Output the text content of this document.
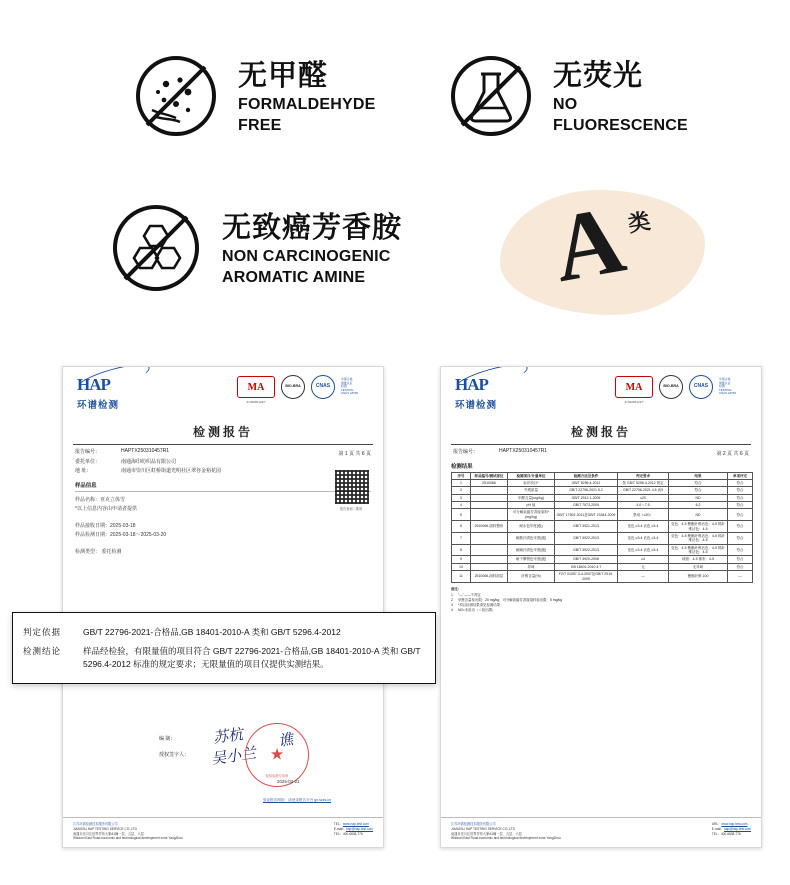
无甲醛
FORMALDEHYDE
FREE
无荧光
NO
FLUORESCENCE
无致癌芳香胺
NON CARCINOGENIC
AROMATIC AMINE	A
类
HAP
环谱检测
MA
215020512Z7
BIO-BRA	CNAS
中国合格
国推认证
检测
TESTING
CNAS L8768
检测报告
第 1 页 共 6 页
报告编号：	HAPTX250310457R1
委托单位：	南通海印纺织品有限公司
地 址：	南通市崇川区虹桥街道光明社区翠谷金裕花园
报告查询二维码
样品信息
样品名称：亚克立体雪
*以上信息内容由申请者提供
样品接收日期：2025-03-18
样品检测日期：2025-03-18～2025-03-20
检测类型： 委托检测
编 制：
授权签字人：
苏杭
吴小兰
谯
检验检测专用章
★
2025-03-21
验证报告网址：请登录报告平台 gx.szzs.cn
江苏环谱检测技术服务有限公司
JIANGSU HAP TESTING SERVICE CO.,LTD
南通市崇川区世界贸易大厦A1幢一层、五层、六层
Wisdom East Road,economic and technological development zone,YangZhou
TEL：www.hap-test.com
E-mail：hap@hap-test.com
TEL：400-6608-776
HAP
环谱检测
MA
215020512Z7
BIO-BRA	CNAS
中国合格
国推认证
检测
TESTING
CNAS L8768
检测报告
第 2 页 共 6 页
报告编号：	HAPTX250310457R1
检测结果
序号	样品编号/测试部位	检测项目/计量单位	检测方法及条件	判定要求	结果	单项评定
1	2510066	标识项目*	GB/T 5296.4-2012	按 GB/T 5296.4-2012 规定	符合	符合
2		外观质量	GB/T 22796-2021 5.2	GB/T 22796-2021 4.6 表3	符合	符合
3		甲醛含量(mg/kg)	GB/T 2912.1-2009	≤20	ND	符合
4		pH 值	GB/T 7573-2009	4.0～7.5	6.2	符合
5		可分解致癌芳香胺染料*(mg/kg)	GB/T 17592-2011及GB/T 23344-2009	禁用（≤20）	ND	符合
6	2510066-面料整体	耐水色牢度(级)	GB/T 3921-2013	变色 ≥3-4 沾色 ≥3-4	变色：4-5 聚酯纤维沾色：4-5 棉纤维沾色：4-5	符合
7		耐酸汗渍色牢度(级)	GB/T 3922-2013	变色 ≥3-4 沾色 ≥3-4	变色：4-5 聚酯纤维沾色：4-5 棉纤维沾色：4-5	符合
8		耐碱汗渍色牢度(级)	GB/T 3922-2013	变色 ≥3-4 沾色 ≥3-4	变色：4-5 聚酯纤维沾色：4-5 棉纤维沾色：4-5	符合
9		耐干摩擦色牢度(级)	GB/T 3920-2008	≥4	绒面：4-5 棉布：4-5	符合
10		异味	GB 18401-2010 4.7	无	无异味	符合
11	2510066-面料面层	纤维含量(%)	FZ/T 01057.3-4-2007及GB/T 2910-2009	—	聚酯纤维 100	—
备注：
1	"—"——不判定
2	甲醛含量检出限：20 mg/kg；可分解致癌芳香胺染料检出限：5 mg/kg
3	*项目检测结果请见检测结果
4	ND=未检出（＜检出限）
江苏环谱检测技术服务有限公司
JIANGSU HAP TESTING SERVICE CO.,LTD
南通市崇川区世界贸易大厦A1幢一层、五层、六层
Wisdom East Road,economic and technological development zone,YangZhou
URL：www.hap-test.com
E-mail：hap@hap-test.com
TEL：400-6608-776
判定依据	GB/T 22796-2021-合格品,GB 18401-2010-A 类和 GB/T 5296.4-2012
检测结论	样品经检验，有限量值的项目符合 GB/T 22796-2021-合格品,GB 18401-2010-A 类和 GB/T 5296.4-2012 标准的规定要求；无限量值的项目仅提供实测结果。
